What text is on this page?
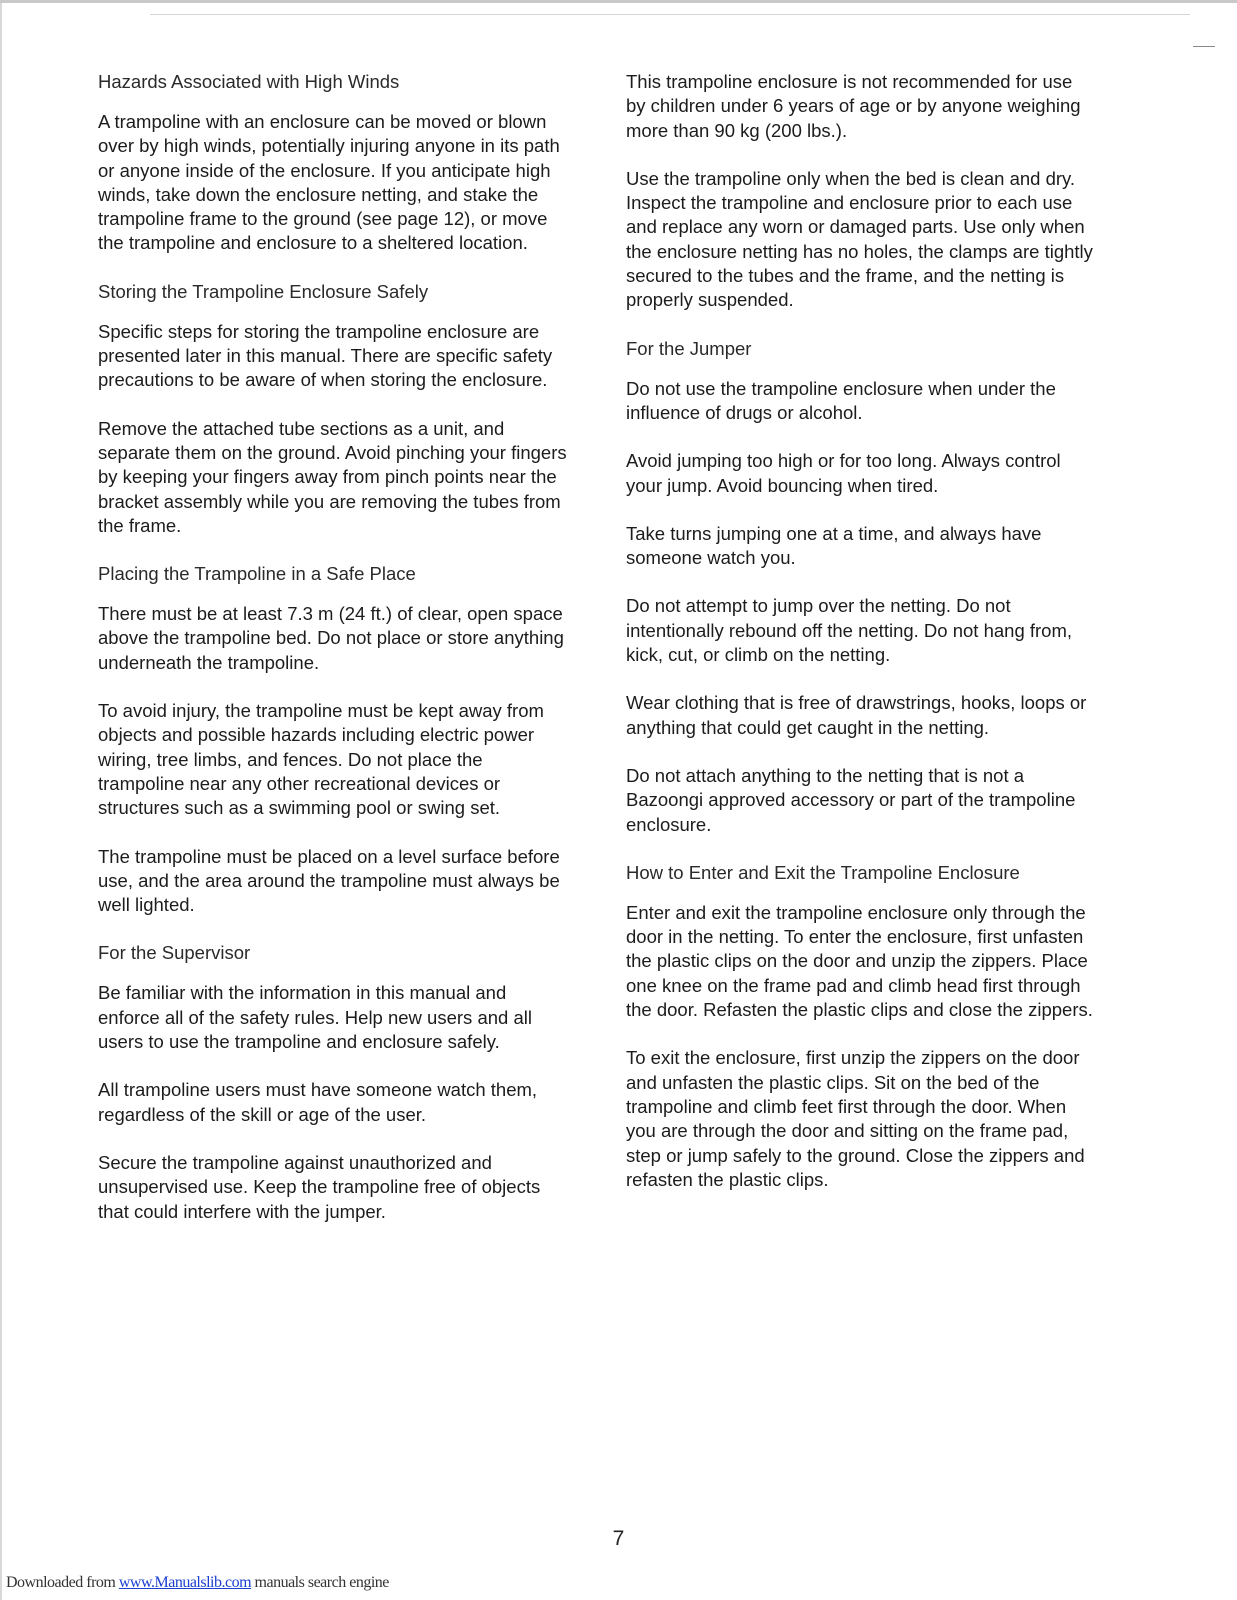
Hazards Associated with High Winds

A trampoline with an enclosure can be moved or blown over by high winds, potentially injuring anyone in its path or anyone inside of the enclosure. If you anticipate high winds, take down the enclosure netting, and stake the trampoline frame to the ground (see page 12), or move the trampoline and enclosure to a sheltered location.

Storing the Trampoline Enclosure Safely

Specific steps for storing the trampoline enclosure are presented later in this manual. There are specific safety precautions to be aware of when storing the enclosure.

Remove the attached tube sections as a unit, and separate them on the ground. Avoid pinching your fingers by keeping your fingers away from pinch points near the bracket assembly while you are removing the tubes from the frame.

Placing the Trampoline in a Safe Place

There must be at least 7.3 m (24 ft.) of clear, open space above the trampoline bed. Do not place or store anything underneath the trampoline.

To avoid injury, the trampoline must be kept away from objects and possible hazards including electric power wiring, tree limbs, and fences. Do not place the trampoline near any other recreational devices or structures such as a swimming pool or swing set.

The trampoline must be placed on a level surface before use, and the area around the trampoline must always be well lighted.

For the Supervisor

Be familiar with the information in this manual and enforce all of the safety rules. Help new users and all users to use the trampoline and enclosure safely.

All trampoline users must have someone watch them, regardless of the skill or age of the user.

Secure the trampoline against unauthorized and unsupervised use. Keep the trampoline free of objects that could interfere with the jumper.

This trampoline enclosure is not recommended for use by children under 6 years of age or by anyone weighing more than 90 kg (200 lbs.).

Use the trampoline only when the bed is clean and dry. Inspect the trampoline and enclosure prior to each use and replace any worn or damaged parts. Use only when the enclosure netting has no holes, the clamps are tightly secured to the tubes and the frame, and the netting is properly suspended.

For the Jumper

Do not use the trampoline enclosure when under the influence of drugs or alcohol.

Avoid jumping too high or for too long. Always control your jump. Avoid bouncing when tired.

Take turns jumping one at a time, and always have someone watch you.

Do not attempt to jump over the netting. Do not intentionally rebound off the netting. Do not hang from, kick, cut, or climb on the netting.

Wear clothing that is free of drawstrings, hooks, loops or anything that could get caught in the netting.

Do not attach anything to the netting that is not a Bazoongi approved accessory or part of the trampoline enclosure.

How to Enter and Exit the Trampoline Enclosure

Enter and exit the trampoline enclosure only through the door in the netting. To enter the enclosure, first unfasten the plastic clips on the door and unzip the zippers. Place one knee on the frame pad and climb head first through the door. Refasten the plastic clips and close the zippers.

To exit the enclosure, first unzip the zippers on the door and unfasten the plastic clips. Sit on the bed of the trampoline and climb feet first through the door. When you are through the door and sitting on the frame pad, step or jump safely to the ground. Close the zippers and refasten the plastic clips.

7
Downloaded from www.Manualslib.com manuals search engine
